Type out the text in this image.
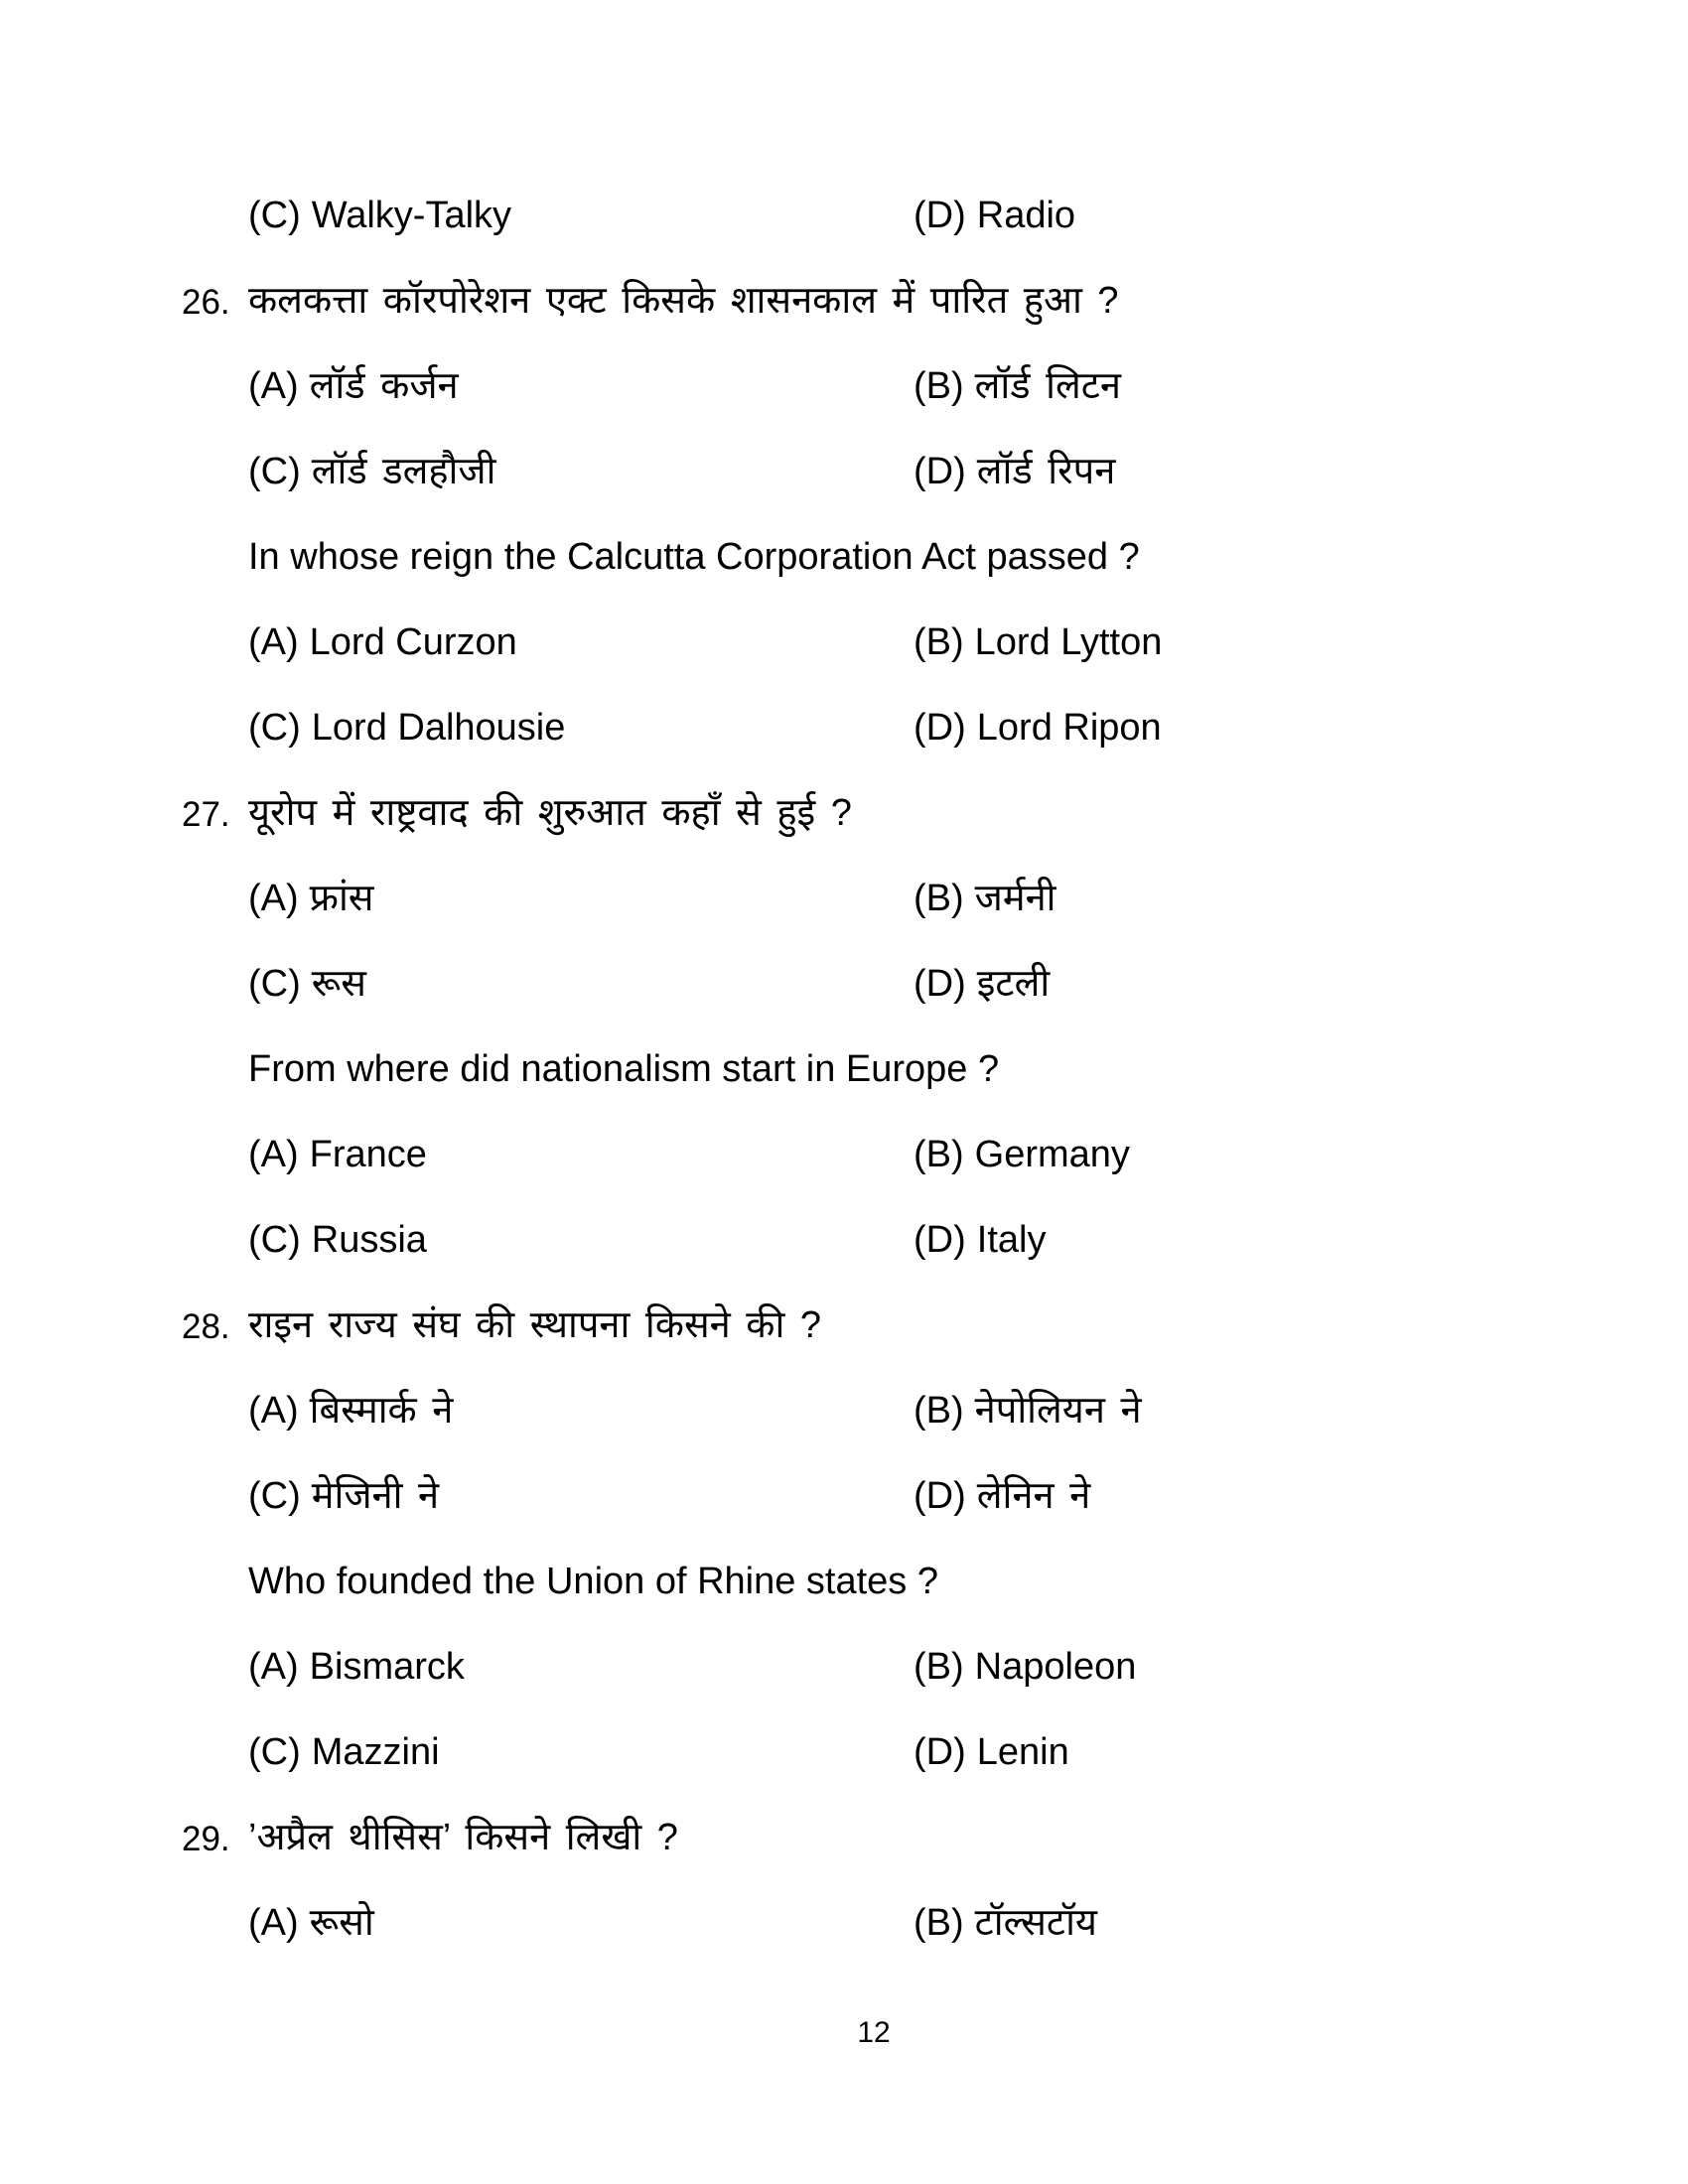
(C) Walky-Talky	(D) Radio
26. कलकत्ता कॉरपोरेशन एक्ट किसके शासनकाल में पारित हुआ ?
(A) लॉर्ड कर्जन	(B) लॉर्ड लिटन
(C) लॉर्ड डलहौजी	(D) लॉर्ड रिपन
In whose reign the Calcutta Corporation Act passed ?
(A) Lord Curzon	(B) Lord Lytton
(C) Lord Dalhousie	(D) Lord Ripon
27. यूरोप में राष्ट्रवाद की शुरुआत कहाँ से हुई ?
(A) फ्रांस	(B) जर्मनी
(C) रूस	(D) इटली
From where did nationalism start in Europe ?
(A) France	(B) Germany
(C) Russia	(D) Italy
28. राइन राज्य संघ की स्थापना किसने की ?
(A) बिस्मार्क ने	(B) नेपोलियन ने
(C) मेजिनी ने	(D) लेनिन ने
Who founded the Union of Rhine states ?
(A) Bismarck	(B) Napoleon
(C) Mazzini	(D) Lenin
29. ’अप्रैल थीसिस’ किसने लिखी ?
(A) रूसो	(B) टॉल्सटॉय
12
